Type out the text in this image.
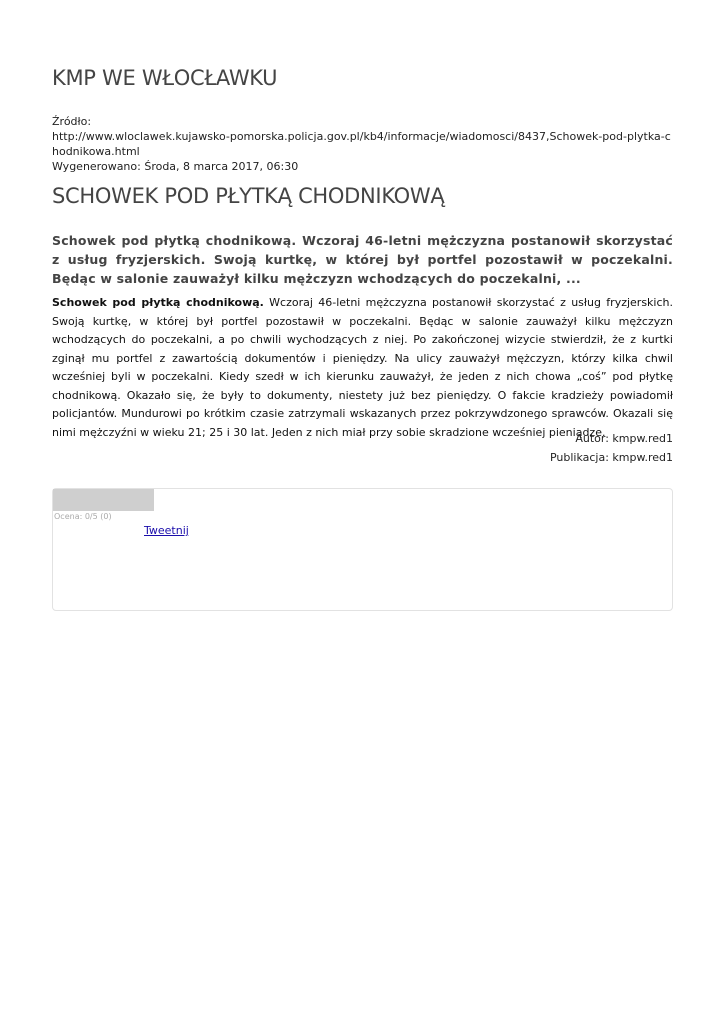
KMP WE WŁOCŁAWKU
Źródło:
http://www.wloclawek.kujawsko-pomorska.policja.gov.pl/kb4/informacje/wiadomosci/8437,Schowek-pod-plytka-chodnikowa.html
Wygenerowano: Środa, 8 marca 2017, 06:30
SCHOWEK POD PŁYTKĄ CHODNIKOWĄ

Schowek pod płytką chodnikową. Wczoraj 46-letni mężczyzna postanowił skorzystać z usług fryzjerskich. Swoją kurtkę, w której był portfel pozostawił w poczekalni. Będąc w salonie zauważył kilku mężczyzn wchodzących do poczekalni, ...

Schowek pod płytką chodnikową. Wczoraj 46-letni mężczyzna postanowił skorzystać z usług fryzjerskich. Swoją kurtkę, w której był portfel pozostawił w poczekalni. Będąc w salonie zauważył kilku mężczyzn wchodzących do poczekalni, a po chwili wychodzących z niej. Po zakończonej wizycie stwierdził, że z kurtki zginął mu portfel z zawartością dokumentów i pieniędzy. Na ulicy zauważył mężczyzn, którzy kilka chwil wcześniej byli w poczekalni. Kiedy szedł w ich kierunku zauważył, że jeden z nich chowa „coś” pod płytkę chodnikową. Okazało się, że były to dokumenty, niestety już bez pieniędzy. O fakcie kradzieży powiadomił policjantów. Mundurowi po krótkim czasie zatrzymali wskazanych przez pokrzywdzonego sprawców. Okazali się nimi mężczyźni w wieku 21; 25 i 30 lat. Jeden z nich miał przy sobie skradzione wcześniej pieniądze.

Autor: kmpw.red1
Publikacja: kmpw.red1
Ocena: 0/5 (0)
Tweetnij
